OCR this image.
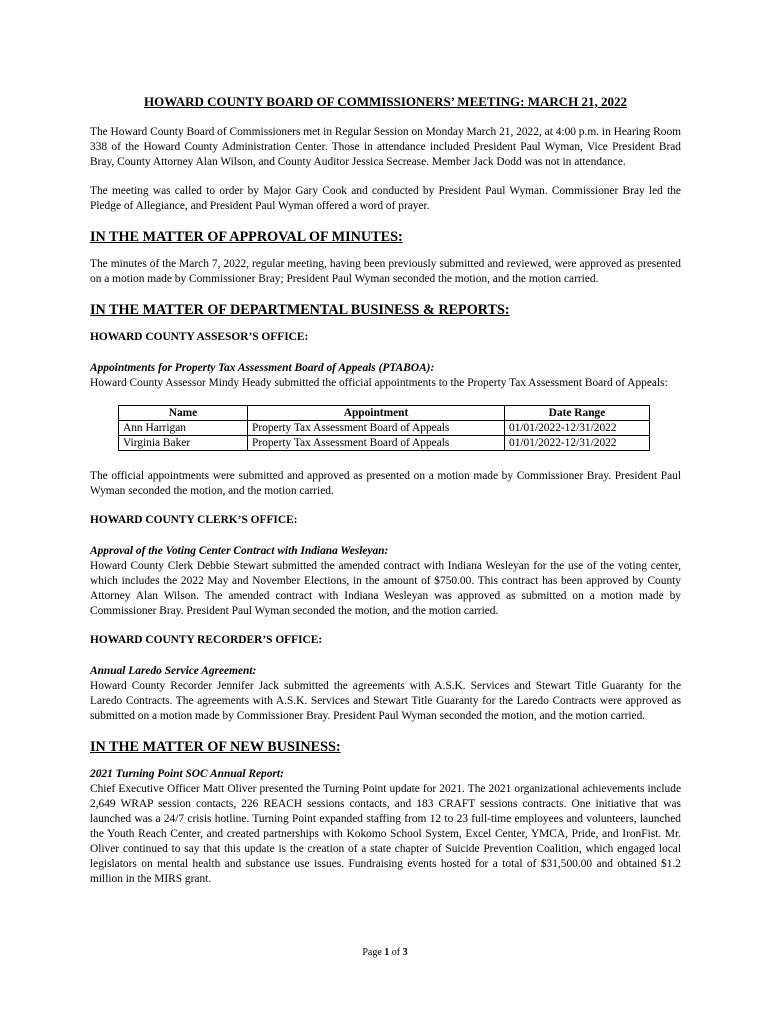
HOWARD COUNTY BOARD OF COMMISSIONERS’ MEETING: MARCH 21, 2022

The Howard County Board of Commissioners met in Regular Session on Monday March 21, 2022, at 4:00 p.m. in Hearing Room 338 of the Howard County Administration Center. Those in attendance included President Paul Wyman, Vice President Brad Bray, County Attorney Alan Wilson, and County Auditor Jessica Secrease. Member Jack Dodd was not in attendance.

The meeting was called to order by Major Gary Cook and conducted by President Paul Wyman. Commissioner Bray led the Pledge of Allegiance, and President Paul Wyman offered a word of prayer.

IN THE MATTER OF APPROVAL OF MINUTES:

The minutes of the March 7, 2022, regular meeting, having been previously submitted and reviewed, were approved as presented on a motion made by Commissioner Bray; President Paul Wyman seconded the motion, and the motion carried.

IN THE MATTER OF DEPARTMENTAL BUSINESS & REPORTS:
HOWARD COUNTY ASSESOR’S OFFICE:

Appointments for Property Tax Assessment Board of Appeals (PTABOA):

Howard County Assessor Mindy Heady submitted the official appointments to the Property Tax Assessment Board of Appeals:

Name	Appointment	Date Range
Ann Harrigan	Property Tax Assessment Board of Appeals	01/01/2022-12/31/2022
Virginia Baker	Property Tax Assessment Board of Appeals	01/01/2022-12/31/2022

The official appointments were submitted and approved as presented on a motion made by Commissioner Bray. President Paul Wyman seconded the motion, and the motion carried.

HOWARD COUNTY CLERK’S OFFICE:

Approval of the Voting Center Contract with Indiana Wesleyan:

Howard County Clerk Debbie Stewart submitted the amended contract with Indiana Wesleyan for the use of the voting center, which includes the 2022 May and November Elections, in the amount of $750.00. This contract has been approved by County Attorney Alan Wilson. The amended contract with Indiana Wesleyan was approved as submitted on a motion made by Commissioner Bray. President Paul Wyman seconded the motion, and the motion carried.

HOWARD COUNTY RECORDER’S OFFICE:

Annual Laredo Service Agreement:

Howard County Recorder Jennifer Jack submitted the agreements with A.S.K. Services and Stewart Title Guaranty for the Laredo Contracts. The agreements with A.S.K. Services and Stewart Title Guaranty for the Laredo Contracts were approved as submitted on a motion made by Commissioner Bray. President Paul Wyman seconded the motion, and the motion carried.

IN THE MATTER OF NEW BUSINESS:

2021 Turning Point SOC Annual Report:

Chief Executive Officer Matt Oliver presented the Turning Point update for 2021. The 2021 organizational achievements include 2,649 WRAP session contacts, 226 REACH sessions contacts, and 183 CRAFT sessions contracts. One initiative that was launched was a 24/7 crisis hotline. Turning Point expanded staffing from 12 to 23 full-time employees and volunteers, launched the Youth Reach Center, and created partnerships with Kokomo School System, Excel Center, YMCA, Pride, and IronFist. Mr. Oliver continued to say that this update is the creation of a state chapter of Suicide Prevention Coalition, which engaged local legislators on mental health and substance use issues. Fundraising events hosted for a total of $31,500.00 and obtained $1.2 million in the MIRS grant.

Page 1 of 3
